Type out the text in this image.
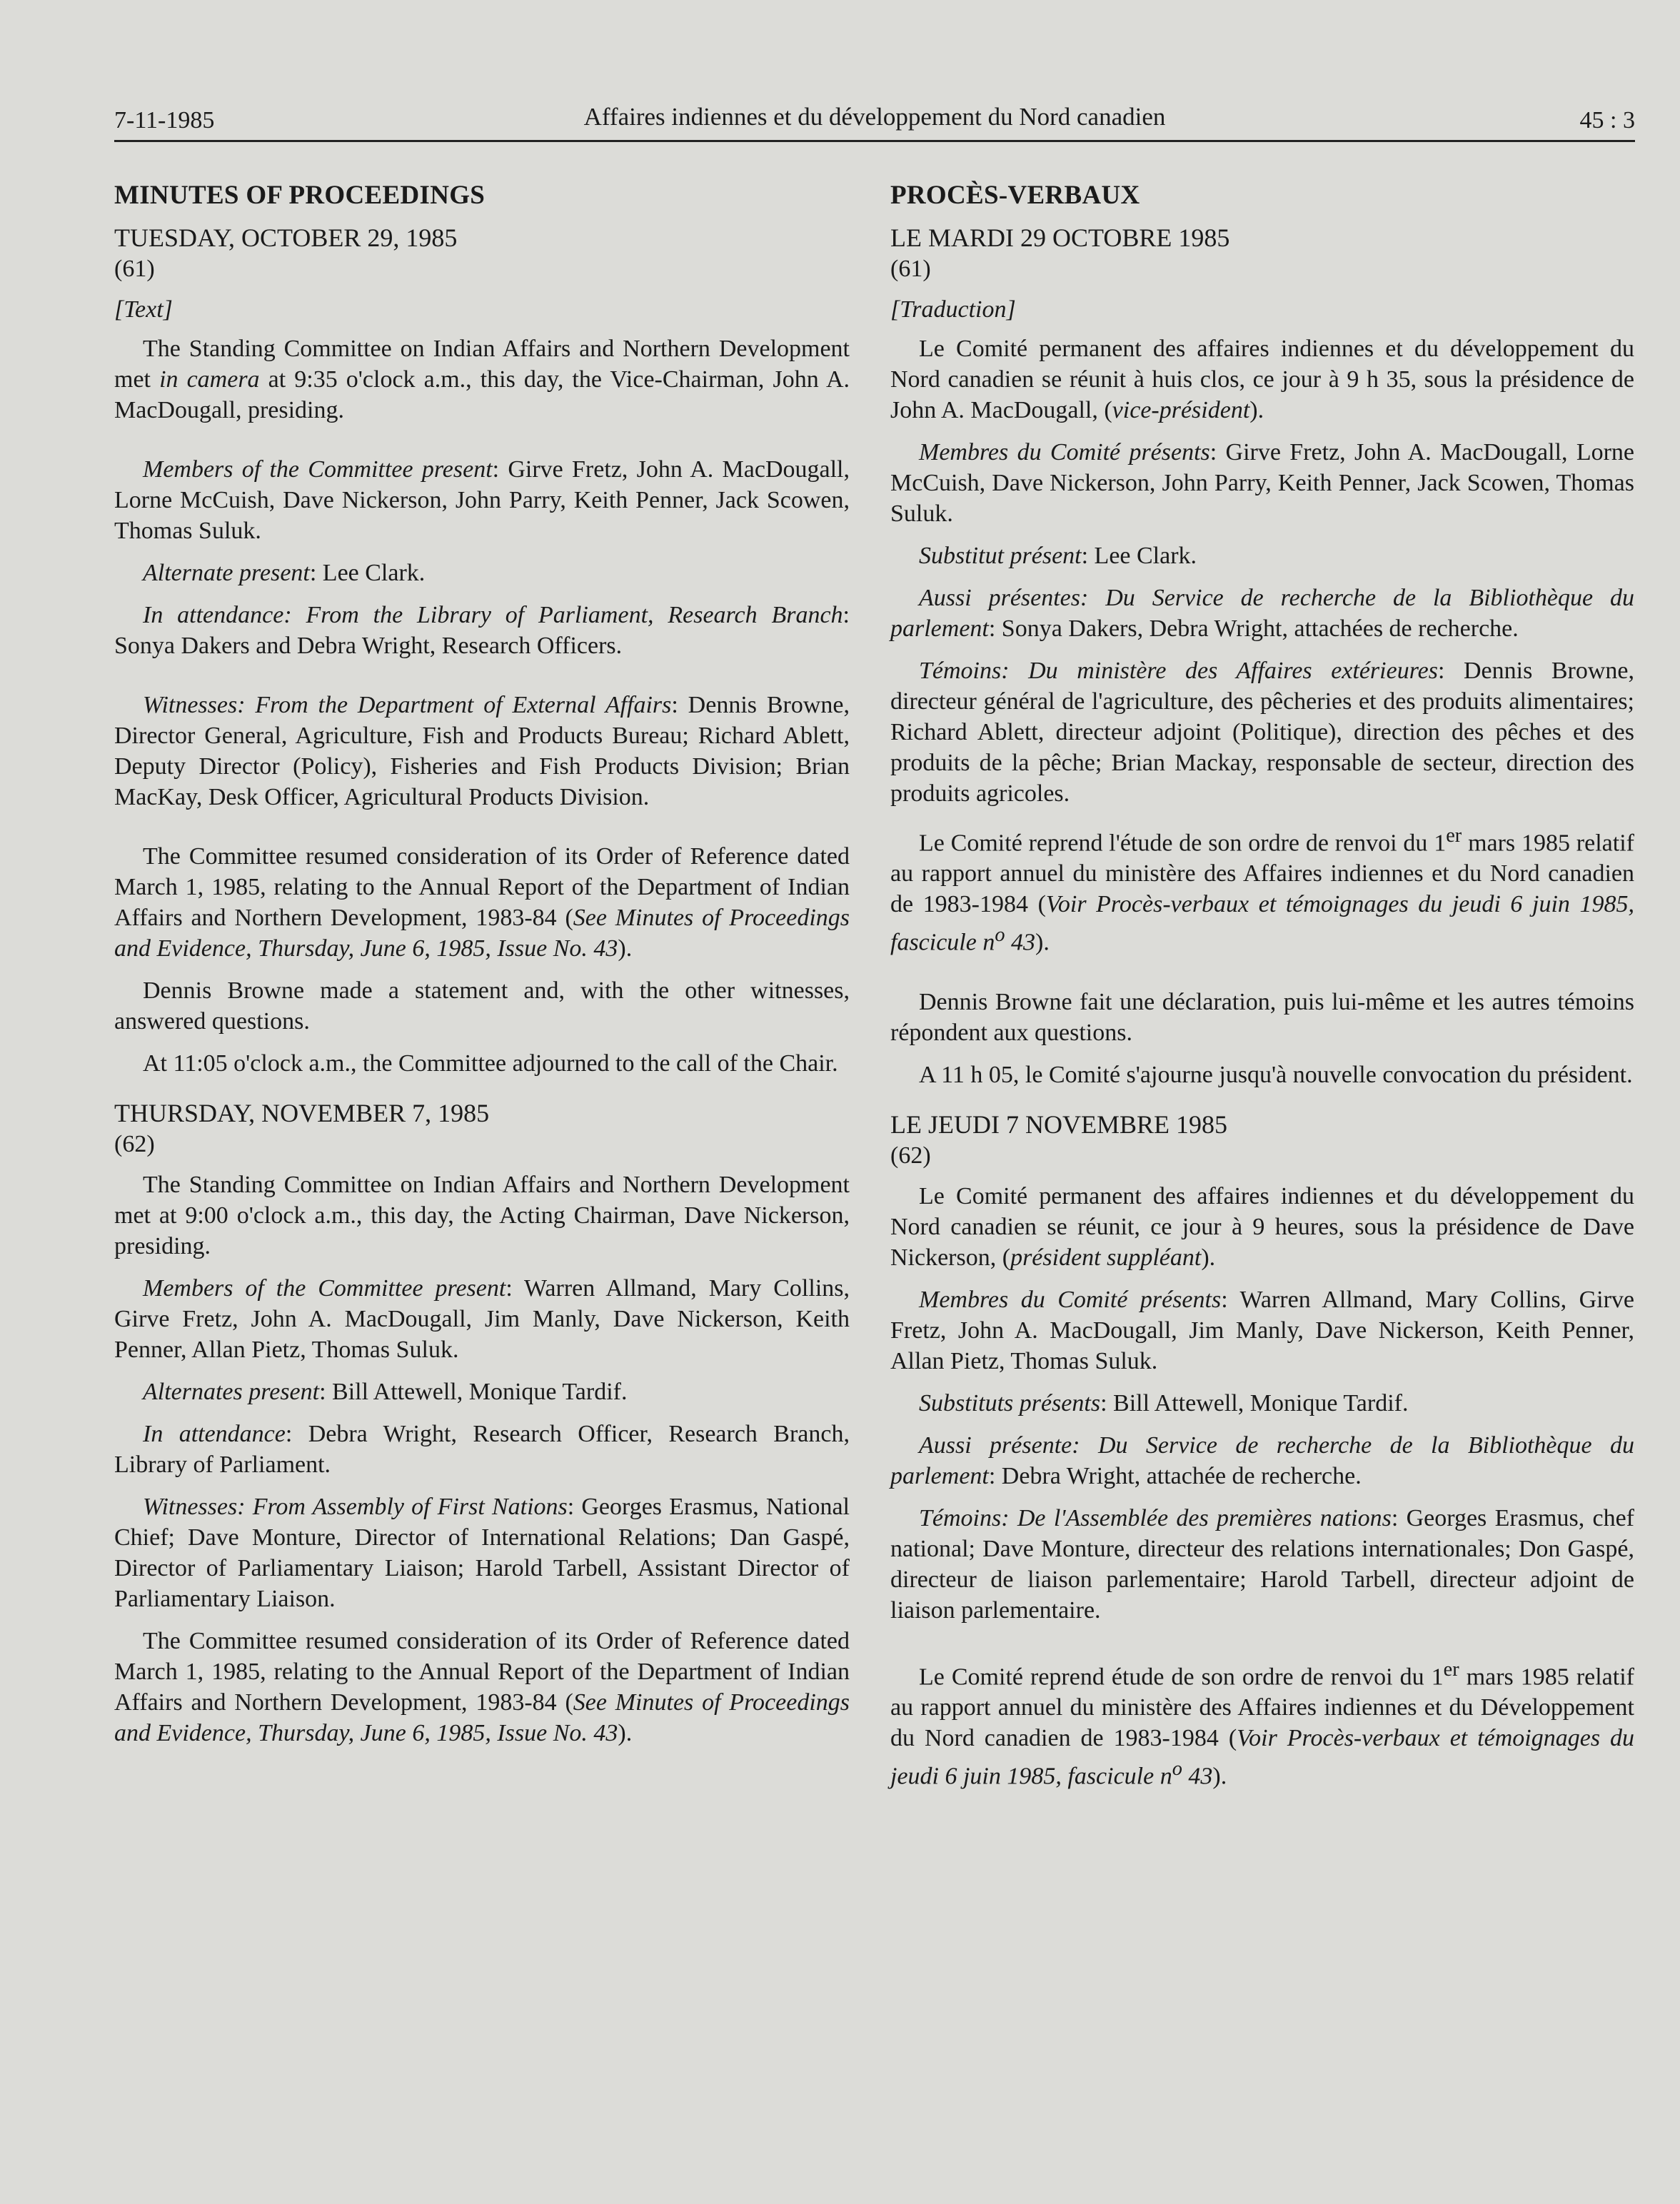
7-11-1985	Affaires indiennes et du développement du Nord canadien	45 : 3
MINUTES OF PROCEEDINGS
TUESDAY, OCTOBER 29, 1985
(61)
[Text]

The Standing Committee on Indian Affairs and Northern Development met in camera at 9:35 o'clock a.m., this day, the Vice-Chairman, John A. MacDougall, presiding.

Members of the Committee present: Girve Fretz, John A. MacDougall, Lorne McCuish, Dave Nickerson, John Parry, Keith Penner, Jack Scowen, Thomas Suluk.

Alternate present: Lee Clark.

In attendance: From the Library of Parliament, Research Branch: Sonya Dakers and Debra Wright, Research Officers.

Witnesses: From the Department of External Affairs: Dennis Browne, Director General, Agriculture, Fish and Products Bureau; Richard Ablett, Deputy Director (Policy), Fisheries and Fish Products Division; Brian MacKay, Desk Officer, Agricultural Products Division.

The Committee resumed consideration of its Order of Reference dated March 1, 1985, relating to the Annual Report of the Department of Indian Affairs and Northern Development, 1983-84 (See Minutes of Proceedings and Evidence, Thursday, June 6, 1985, Issue No. 43).

Dennis Browne made a statement and, with the other witnesses, answered questions.

At 11:05 o'clock a.m., the Committee adjourned to the call of the Chair.

THURSDAY, NOVEMBER 7, 1985
(62)

The Standing Committee on Indian Affairs and Northern Development met at 9:00 o'clock a.m., this day, the Acting Chairman, Dave Nickerson, presiding.

Members of the Committee present: Warren Allmand, Mary Collins, Girve Fretz, John A. MacDougall, Jim Manly, Dave Nickerson, Keith Penner, Allan Pietz, Thomas Suluk.

Alternates present: Bill Attewell, Monique Tardif.

In attendance: Debra Wright, Research Officer, Research Branch, Library of Parliament.

Witnesses: From Assembly of First Nations: Georges Erasmus, National Chief; Dave Monture, Director of International Relations; Dan Gaspé, Director of Parliamentary Liaison; Harold Tarbell, Assistant Director of Parliamentary Liaison.

The Committee resumed consideration of its Order of Reference dated March 1, 1985, relating to the Annual Report of the Department of Indian Affairs and Northern Development, 1983-84 (See Minutes of Proceedings and Evidence, Thursday, June 6, 1985, Issue No. 43).

PROCÈS-VERBAUX
LE MARDI 29 OCTOBRE 1985
(61)
[Traduction]

Le Comité permanent des affaires indiennes et du développement du Nord canadien se réunit à huis clos, ce jour à 9 h 35, sous la présidence de John A. MacDougall, (vice-président).

Membres du Comité présents: Girve Fretz, John A. MacDougall, Lorne McCuish, Dave Nickerson, John Parry, Keith Penner, Jack Scowen, Thomas Suluk.

Substitut présent: Lee Clark.

Aussi présentes: Du Service de recherche de la Bibliothèque du parlement: Sonya Dakers, Debra Wright, attachées de recherche.

Témoins: Du ministère des Affaires extérieures: Dennis Browne, directeur général de l'agriculture, des pêcheries et des produits alimentaires; Richard Ablett, directeur adjoint (Politique), direction des pêches et des produits de la pêche; Brian Mackay, responsable de secteur, direction des produits agricoles.

Le Comité reprend l'étude de son ordre de renvoi du 1er mars 1985 relatif au rapport annuel du ministère des Affaires indiennes et du Nord canadien de 1983-1984 (Voir Procès-verbaux et témoignages du jeudi 6 juin 1985, fascicule $n^o$ 43).

Dennis Browne fait une déclaration, puis lui-même et les autres témoins répondent aux questions.

A 11 h 05, le Comité s'ajourne jusqu'à nouvelle convocation du président.

LE JEUDI 7 NOVEMBRE 1985
(62)

Le Comité permanent des affaires indiennes et du développement du Nord canadien se réunit, ce jour à 9 heures, sous la présidence de Dave Nickerson, (président suppléant).

Membres du Comité présents: Warren Allmand, Mary Collins, Girve Fretz, John A. MacDougall, Jim Manly, Dave Nickerson, Keith Penner, Allan Pietz, Thomas Suluk.

Substituts présents: Bill Attewell, Monique Tardif.

Aussi présente: Du Service de recherche de la Bibliothèque du parlement: Debra Wright, attachée de recherche.

Témoins: De l'Assemblée des premières nations: Georges Erasmus, chef national; Dave Monture, directeur des relations internationales; Don Gaspé, directeur de liaison parlementaire; Harold Tarbell, directeur adjoint de liaison parlementaire.

Le Comité reprend étude de son ordre de renvoi du 1er mars 1985 relatif au rapport annuel du ministère des Affaires indiennes et du Développement du Nord canadien de 1983-1984 (Voir Procès-verbaux et témoignages du jeudi 6 juin 1985, fascicule $n^o$ 43).
